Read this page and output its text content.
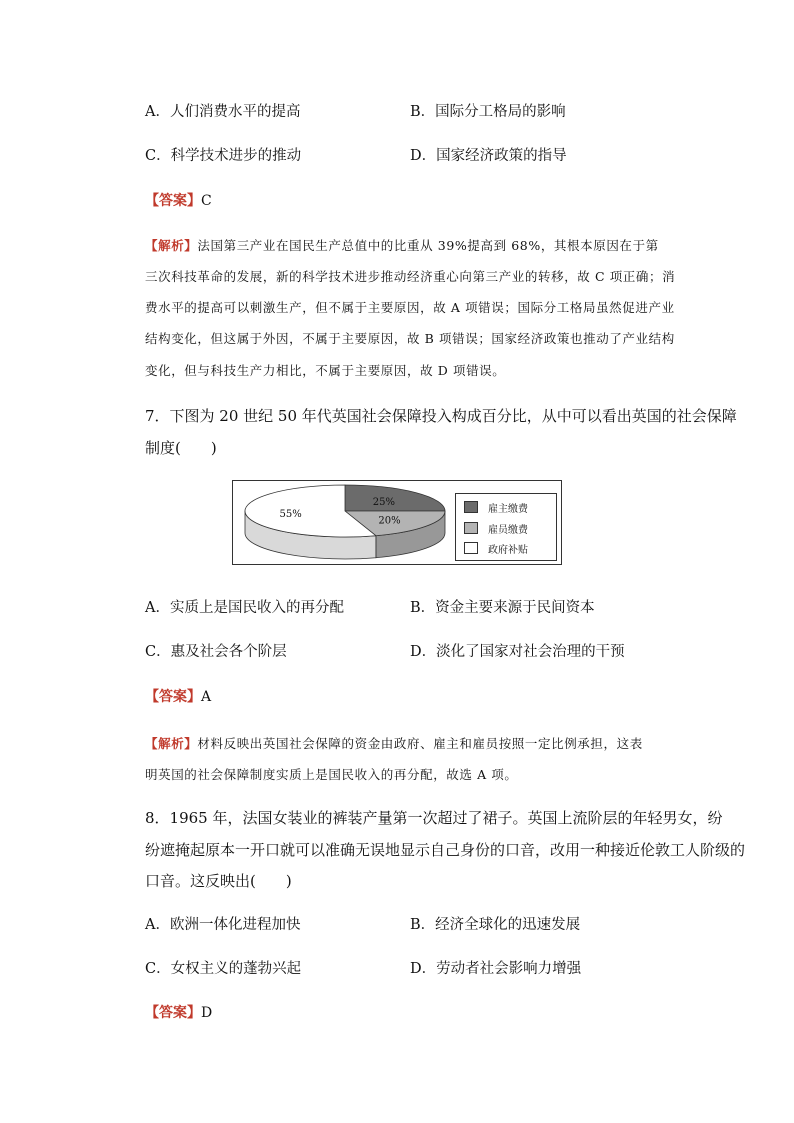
A．人们消费水平的提高	B．国际分工格局的影响
C．科学技术进步的推动	D．国家经济政策的指导
【答案】C
【解析】法国第三产业在国民生产总值中的比重从 39%提高到 68%，其根本原因在于第
三次科技革命的发展，新的科学技术进步推动经济重心向第三产业的转移，故 C 项正确；消
费水平的提高可以刺激生产，但不属于主要原因，故 A 项错误；国际分工格局虽然促进产业
结构变化，但这属于外因，不属于主要原因，故 B 项错误；国家经济政策也推动了产业结构
变化，但与科技生产力相比，不属于主要原因，故 D 项错误。
7．下图为 20 世纪 50 年代英国社会保障投入构成百分比，从中可以看出英国的社会保障
制度(　　)
25%
20%
55%
雇主缴费
雇员缴费
政府补贴
A．实质上是国民收入的再分配	B．资金主要来源于民间资本
C．惠及社会各个阶层	D．淡化了国家对社会治理的干预
【答案】A
【解析】材料反映出英国社会保障的资金由政府、雇主和雇员按照一定比例承担，这表
明英国的社会保障制度实质上是国民收入的再分配，故选 A 项。
8．1965 年，法国女装业的裤装产量第一次超过了裙子。英国上流阶层的年轻男女，纷
纷遮掩起原本一开口就可以准确无误地显示自己身份的口音，改用一种接近伦敦工人阶级的
口音。这反映出(　　)
A．欧洲一体化进程加快	B．经济全球化的迅速发展
C．女权主义的蓬勃兴起	D．劳动者社会影响力增强
【答案】D
